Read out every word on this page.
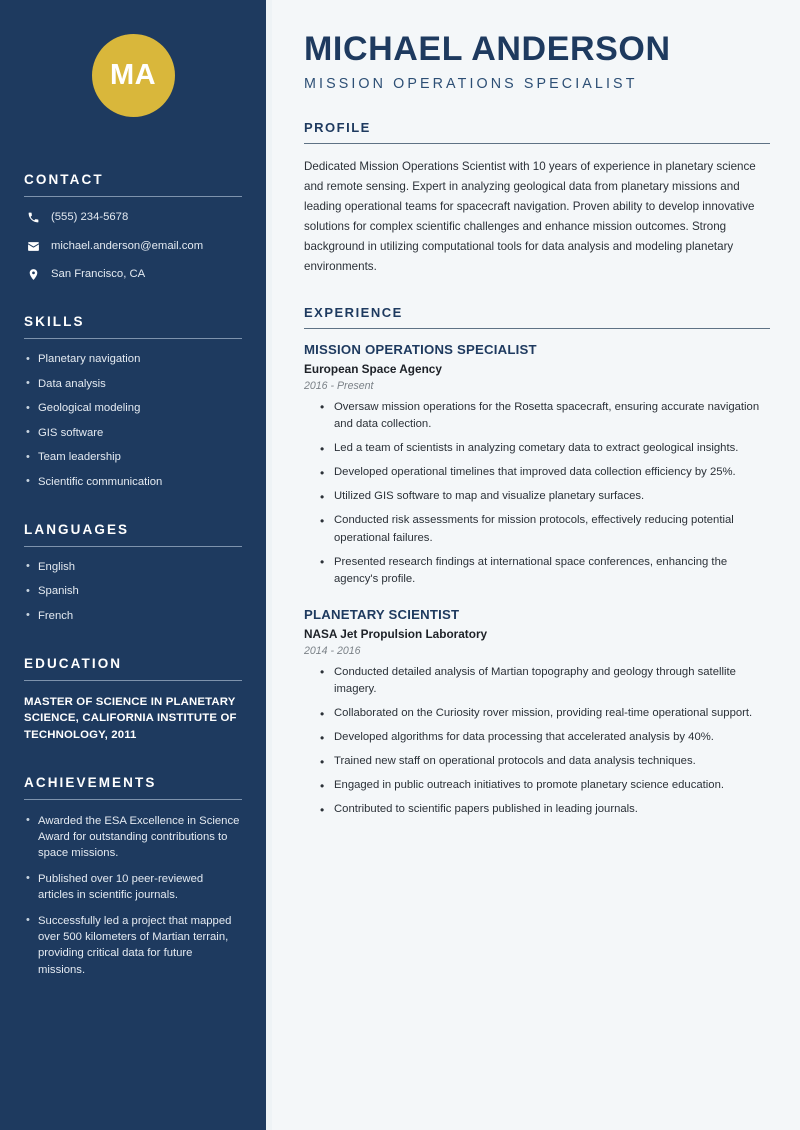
MA
CONTACT
(555) 234-5678
michael.anderson@email.com
San Francisco, CA
SKILLS
• Planetary navigation
• Data analysis
• Geological modeling
• GIS software
• Team leadership
• Scientific communication
LANGUAGES
• English
• Spanish
• French
EDUCATION
MASTER OF SCIENCE IN PLANETARY SCIENCE, CALIFORNIA INSTITUTE OF TECHNOLOGY, 2011
ACHIEVEMENTS
• Awarded the ESA Excellence in Science Award for outstanding contributions to space missions.
• Published over 10 peer-reviewed articles in scientific journals.
• Successfully led a project that mapped over 500 kilometers of Martian terrain, providing critical data for future missions.
MICHAEL ANDERSON
MISSION OPERATIONS SPECIALIST
PROFILE

Dedicated Mission Operations Scientist with 10 years of experience in planetary science and remote sensing. Expert in analyzing geological data from planetary missions and leading operational teams for spacecraft navigation. Proven ability to develop innovative solutions for complex scientific challenges and enhance mission outcomes. Strong background in utilizing computational tools for data analysis and modeling planetary environments.

EXPERIENCE
MISSION OPERATIONS SPECIALIST
European Space Agency
2016 - Present
• Oversaw mission operations for the Rosetta spacecraft, ensuring accurate navigation and data collection.
• Led a team of scientists in analyzing cometary data to extract geological insights.
• Developed operational timelines that improved data collection efficiency by 25%.
• Utilized GIS software to map and visualize planetary surfaces.
• Conducted risk assessments for mission protocols, effectively reducing potential operational failures.
• Presented research findings at international space conferences, enhancing the agency's profile.
PLANETARY SCIENTIST
NASA Jet Propulsion Laboratory
2014 - 2016
• Conducted detailed analysis of Martian topography and geology through satellite imagery.
• Collaborated on the Curiosity rover mission, providing real-time operational support.
• Developed algorithms for data processing that accelerated analysis by 40%.
• Trained new staff on operational protocols and data analysis techniques.
• Engaged in public outreach initiatives to promote planetary science education.
• Contributed to scientific papers published in leading journals.
